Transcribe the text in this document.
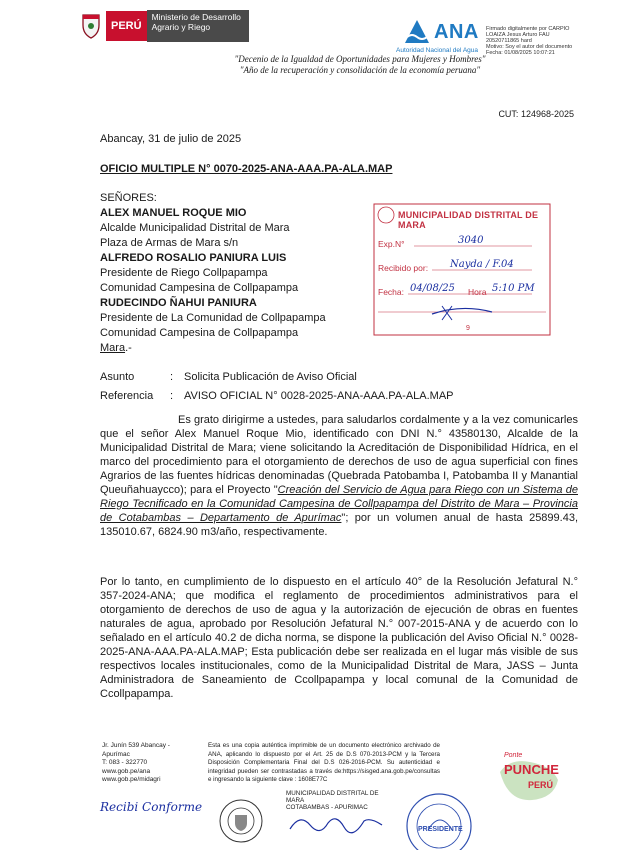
PERÚ
Ministerio de Desarrollo Agrario y Riego	ANA
Autoridad Nacional del Agua
Firmado digitalmente por CARPIO
LOAIZA Jesus Arturo FAU
20520711865 hard
Motivo: Soy el autor del documento
Fecha: 01/08/2025 10:07:21
"Decenio de la Igualdad de Oportunidades para Mujeres y Hombres"
"Año de la recuperación y consolidación de la economía peruana"
CUT: 124968-2025
Abancay, 31 de julio de 2025
OFICIO MULTIPLE N° 0070-2025-ANA-AAA.PA-ALA.MAP
SEÑORES:
ALEX MANUEL ROQUE MIO
Alcalde Municipalidad Distrital de Mara
Plaza de Armas de Mara s/n
ALFREDO ROSALIO PANIURA LUIS
Presidente de Riego Collpapampa
Comunidad Campesina de Collpapampa
RUDECINDO ÑAHUI PANIURA
Presidente de La Comunidad de Collpapampa
Comunidad Campesina de Collpapampa
Mara.-
MUNICIPALIDAD DISTRITAL DE MARA
Exp.N°	3040
Recibido por: Nayda / F.04
Fecha: 04/08/25 Hora 5:10 PM
9
Asunto	: Solicita Publicación de Aviso Oficial
Referencia : AVISO OFICIAL N° 0028-2025-ANA-AAA.PA-ALA.MAP
Es grato dirigirme a ustedes, para saludarlos cordalmente y a la vez comunicarles que el señor Alex Manuel Roque Mio, identificado con DNI N.° 43580130, Alcalde de la Municipalidad Distrital de Mara; viene solicitando la Acreditación de Disponibilidad Hídrica, en el marco del procedimiento para el otorgamiento de derechos de uso de agua superficial con fines Agrarios de las fuentes hídricas denominadas (Quebrada Patobamba I, Patobamba II y Manantial Queuñahuaycco); para el Proyecto "Creación del Servicio de Agua para Riego con un Sistema de Riego Tecnificado en la Comunidad Campesina de Collpapampa del Distrito de Mara – Provincia de Cotabambas – Departamento de Apurímac"; por un volumen anual de hasta 25899.43, 135010.67, 6824.90 m3/año, respectivamente.
Por lo tanto, en cumplimiento de lo dispuesto en el artículo 40° de la Resolución Jefatural N.° 357-2024-ANA; que modifica el reglamento de procedimientos administrativos para el otorgamiento de derechos de uso de agua y la autorización de ejecución de obras en fuentes naturales de agua, aprobado por Resolución Jefatural N.° 007-2015-ANA y de acuerdo con lo señalado en el artículo 40.2 de dicha norma, se dispone la publicación del Aviso Oficial N.° 0028-2025-ANA-AAA.PA-ALA.MAP; Esta publicación debe ser realizada en el lugar más visible de sus respectivos locales institucionales, como de la Municipalidad Distrital de Mara, JASS – Junta Administradora de Saneamiento de Ccollpapampa y local comunal de la Comunidad de Ccollpapampa.
Jr. Junín 539 Abancay -
Apurímac
T: 083 - 322770
www.gob.pe/ana
www.gob.pe/midagri
Esta es una copia auténtica imprimible de un documento electrónico archivado de ANA, aplicando lo dispuesto por el Art. 25 de D.S 070-2013-PCM y la Tercera Disposición Complementaria Final del D.S 026-2016-PCM. Su autenticidad e integridad pueden ser contrastadas a través de:https://sisged.ana.gob.pe/consultas e ingresando la siguiente clave : 1608E77C
Ponte
PUNCHE
PERÚ
Recibi Conforme
MUNICIPALIDAD DISTRITAL DE MARA
COTABAMBAS - APURIMAC
PRESIDENTE
